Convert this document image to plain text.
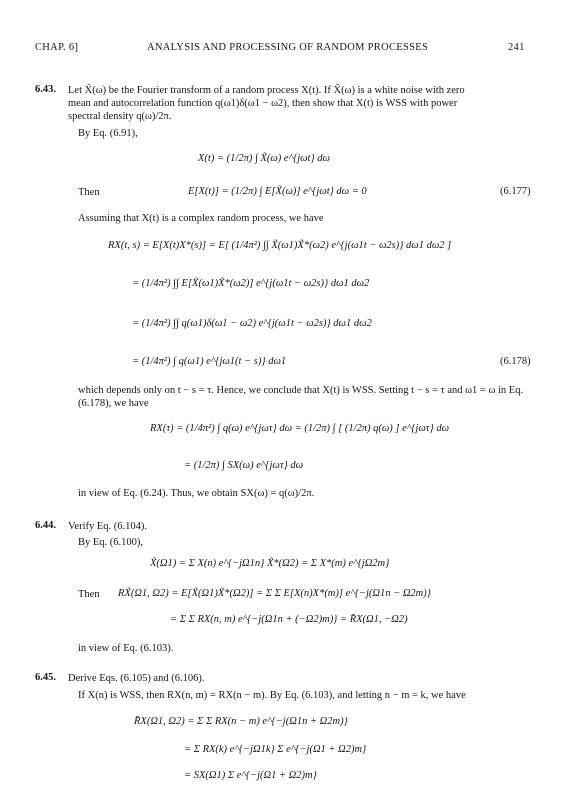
CHAP. 6]	ANALYSIS AND PROCESSING OF RANDOM PROCESSES	241
6.43. Let X̃(ω) be the Fourier transform of a random process X(t). If X̃(ω) is a white noise with zero
mean and autocorrelation function q(ω1)δ(ω1 − ω2), then show that X(t) is WSS with power
spectral density q(ω)/2π.
By Eq. (6.91),
X(t) = (1/2π) ∫ X̃(ω) e^{jωt} dω
Then	E[X(t)] = (1/2π) ∫ E[X̃(ω)] e^{jωt} dω = 0	(6.177)
Assuming that X(t) is a complex random process, we have
RX(t, s) = E[X(t)X*(s)] = E[ (1/4π²) ∫∫ X̃(ω1)X̃*(ω2) e^{j(ω1t − ω2s)} dω1 dω2 ]
= (1/4π²) ∫∫ E[X̃(ω1)X̃*(ω2)] e^{j(ω1t − ω2s)} dω1 dω2
= (1/4π²) ∫∫ q(ω1)δ(ω1 − ω2) e^{j(ω1t − ω2s)} dω1 dω2
= (1/4π²) ∫ q(ω1) e^{jω1(t − s)} dω1	(6.178)
which depends only on t − s = τ. Hence, we conclude that X(t) is WSS. Setting t − s = τ and ω1 = ω in Eq.
(6.178), we have
RX(τ) = (1/4π²) ∫ q(ω) e^{jωτ} dω = (1/2π) ∫ [ (1/2π) q(ω) ] e^{jωτ} dω
= (1/2π) ∫ SX(ω) e^{jωτ} dω
in view of Eq. (6.24). Thus, we obtain SX(ω) = q(ω)/2π.
6.44. Verify Eq. (6.104).
By Eq. (6.100),
X̃(Ω1) = Σ X(n) e^{−jΩ1n} X̃*(Ω2) = Σ X*(m) e^{jΩ2m}
Then RX̃(Ω1, Ω2) = E[X̃(Ω1)X̃*(Ω2)] = Σ Σ E[X(n)X*(m)] e^{−j(Ω1n − Ω2m)}
= Σ Σ RX(n, m) e^{−j(Ω1n + (−Ω2)m)} = R̄X(Ω1, −Ω2)
in view of Eq. (6.103).
6.45. Derive Eqs. (6.105) and (6.106).
If X(n) is WSS, then RX(n, m) = RX(n − m). By Eq. (6.103), and letting n − m = k, we have
R̄X(Ω1, Ω2) = Σ Σ RX(n − m) e^{−j(Ω1n + Ω2m)}
= Σ RX(k) e^{−jΩ1k} Σ e^{−j(Ω1 + Ω2)m}
= SX(Ω1) Σ e^{−j(Ω1 + Ω2)m}
